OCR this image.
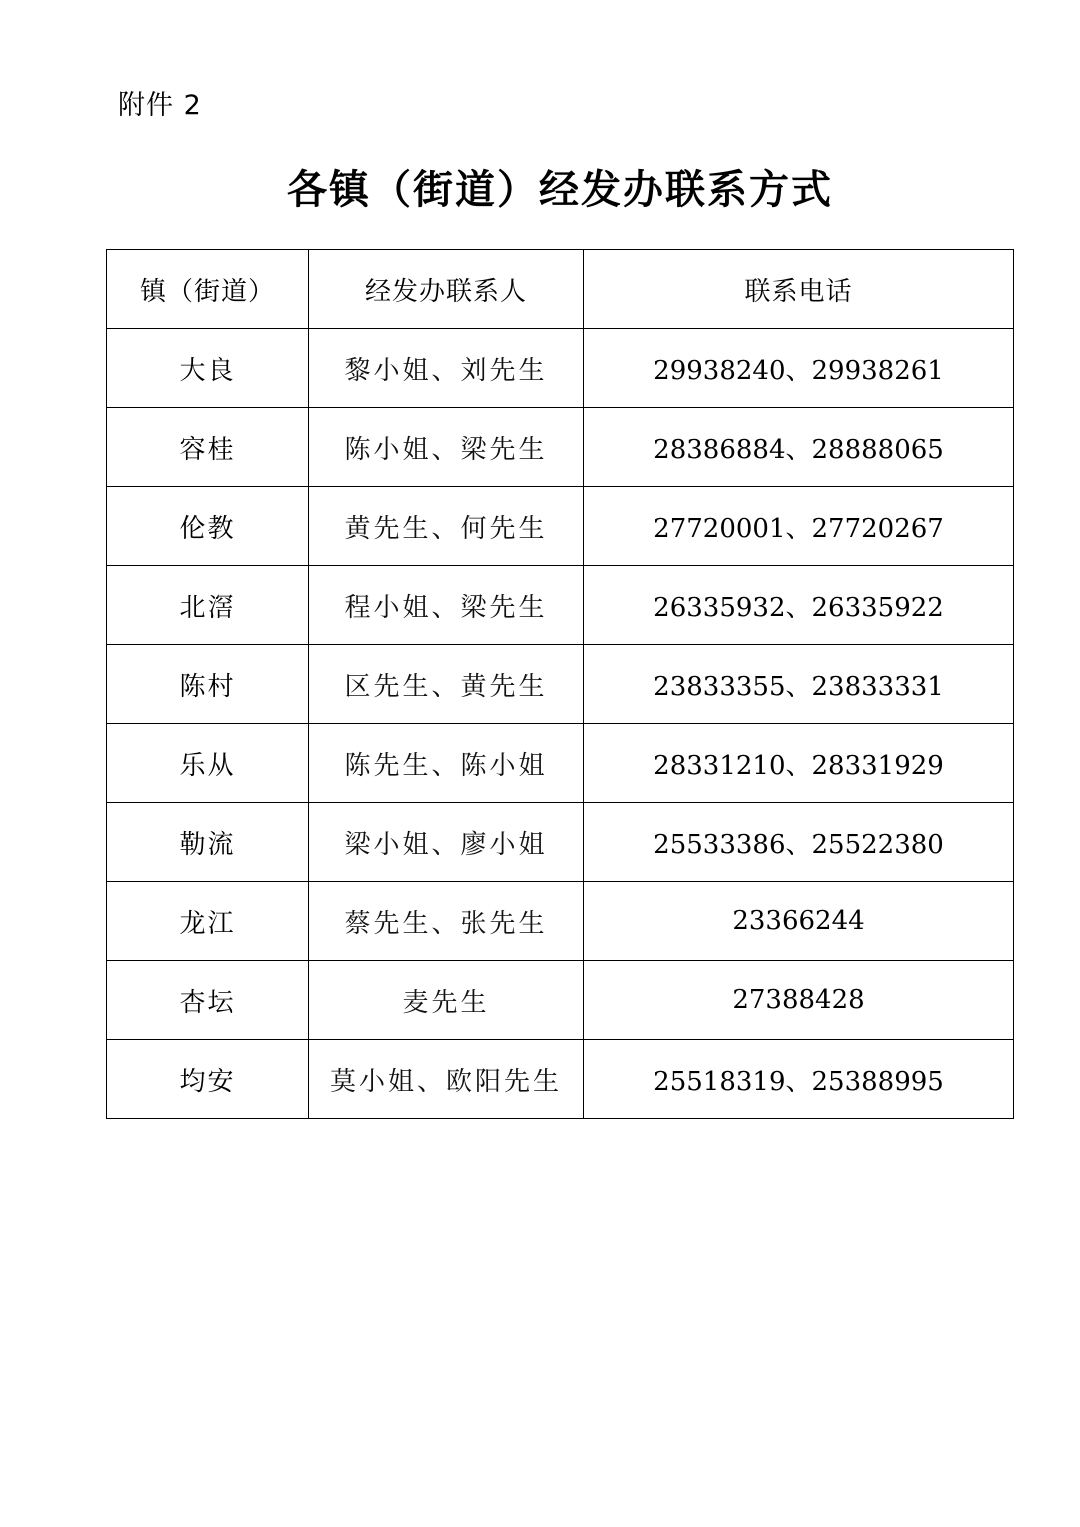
附件 2
各镇（街道）经发办联系方式
镇（街道）	经发办联系人	联系电话
大良	黎小姐、刘先生	29938240、29938261
容桂	陈小姐、梁先生	28386884、28888065
伦教	黄先生、何先生	27720001、27720267
北滘	程小姐、梁先生	26335932、26335922
陈村	区先生、黄先生	23833355、23833331
乐从	陈先生、陈小姐	28331210、28331929
勒流	梁小姐、廖小姐	25533386、25522380
龙江	蔡先生、张先生	23366244
杏坛	麦先生	27388428
均安	莫小姐、欧阳先生	25518319、25388995
